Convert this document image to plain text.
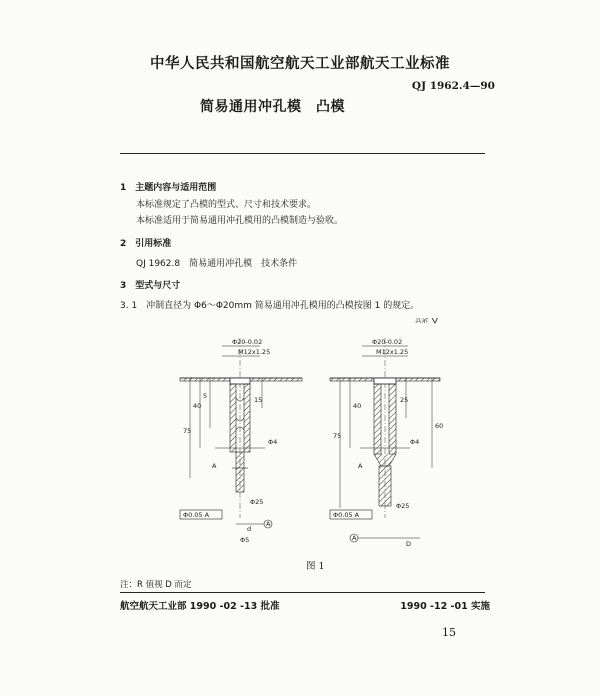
中华人民共和国航空航天工业部航天工业标准
QJ 1962.4—90
简易通用冲孔模　凸模
1　主题内容与适用范围
本标准规定了凸模的型式、尺寸和技术要求。
本标准适用于简易通用冲孔模用的凸模制造与验收。
2　引用标准
QJ 1962.8　简易通用冲孔模　技术条件
3　型式与尺寸
3. 1　冲制直径为 Φ6～Φ20mm 简易通用冲孔模用的凸模按图 1 的规定。
其余
Φ20-0.02
M12x1.25
15
75
40
5
Φ4
A
Φ25
Φ0.05 A
A
d
Φ5
Φ20-0.02
M12x1.25
25
75
40
60
Φ4
A
Φ25
Φ0.05 A
A
D
图 1
注：R 值视 D 而定
航空航天工业部 1990 -02 -13 批准	1990 -12 -01 实施
15
